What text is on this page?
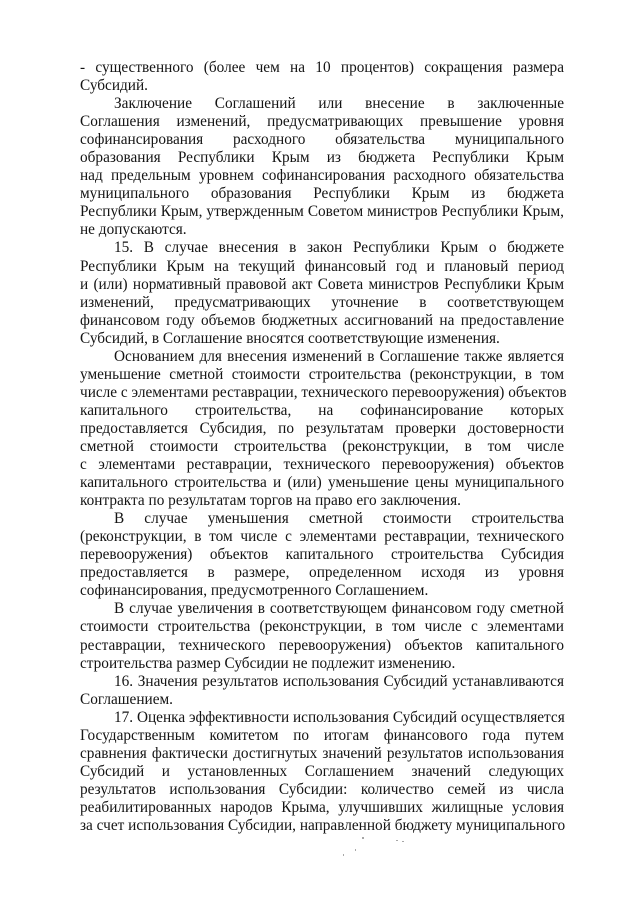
- существенного (более чем на 10 процентов) сокращения размера
Субсидий.
Заключение Соглашений или внесение в заключенные
Соглашения изменений, предусматривающих превышение уровня
софинансирования расходного обязательства муниципального
образования Республики Крым из бюджета Республики Крым
над предельным уровнем софинансирования расходного обязательства
муниципального образования Республики Крым из бюджета
Республики Крым, утвержденным Советом министров Республики Крым,
не допускаются.
15. В случае внесения в закон Республики Крым о бюджете
Республики Крым на текущий финансовый год и плановый период
и (или) нормативный правовой акт Совета министров Республики Крым
изменений, предусматривающих уточнение в соответствующем
финансовом году объемов бюджетных ассигнований на предоставление
Субсидий, в Соглашение вносятся соответствующие изменения.
Основанием для внесения изменений в Соглашение также является
уменьшение сметной стоимости строительства (реконструкции, в том
числе с элементами реставрации, технического перевооружения) объектов
капитального строительства, на софинансирование которых
предоставляется Субсидия, по результатам проверки достоверности
сметной стоимости строительства (реконструкции, в том числе
с элементами реставрации, технического перевооружения) объектов
капитального строительства и (или) уменьшение цены муниципального
контракта по результатам торгов на право его заключения.
В случае уменьшения сметной стоимости строительства
(реконструкции, в том числе с элементами реставрации, технического
перевооружения) объектов капитального строительства Субсидия
предоставляется в размере, определенном исходя из уровня
софинансирования, предусмотренного Соглашением.
В случае увеличения в соответствующем финансовом году сметной
стоимости строительства (реконструкции, в том числе с элементами
реставрации, технического перевооружения) объектов капитального
строительства размер Субсидии не подлежит изменению.
16. Значения результатов использования Субсидий устанавливаются
Соглашением.
17. Оценка эффективности использования Субсидий осуществляется
Государственным комитетом по итогам финансового года путем
сравнения фактически достигнутых значений результатов использования
Субсидий и установленных Соглашением значений следующих
результатов использования Субсидии: количество семей из числа
реабилитированных народов Крыма, улучшивших жилищные условия
за счет использования Субсидии, направленной бюджету муниципального
